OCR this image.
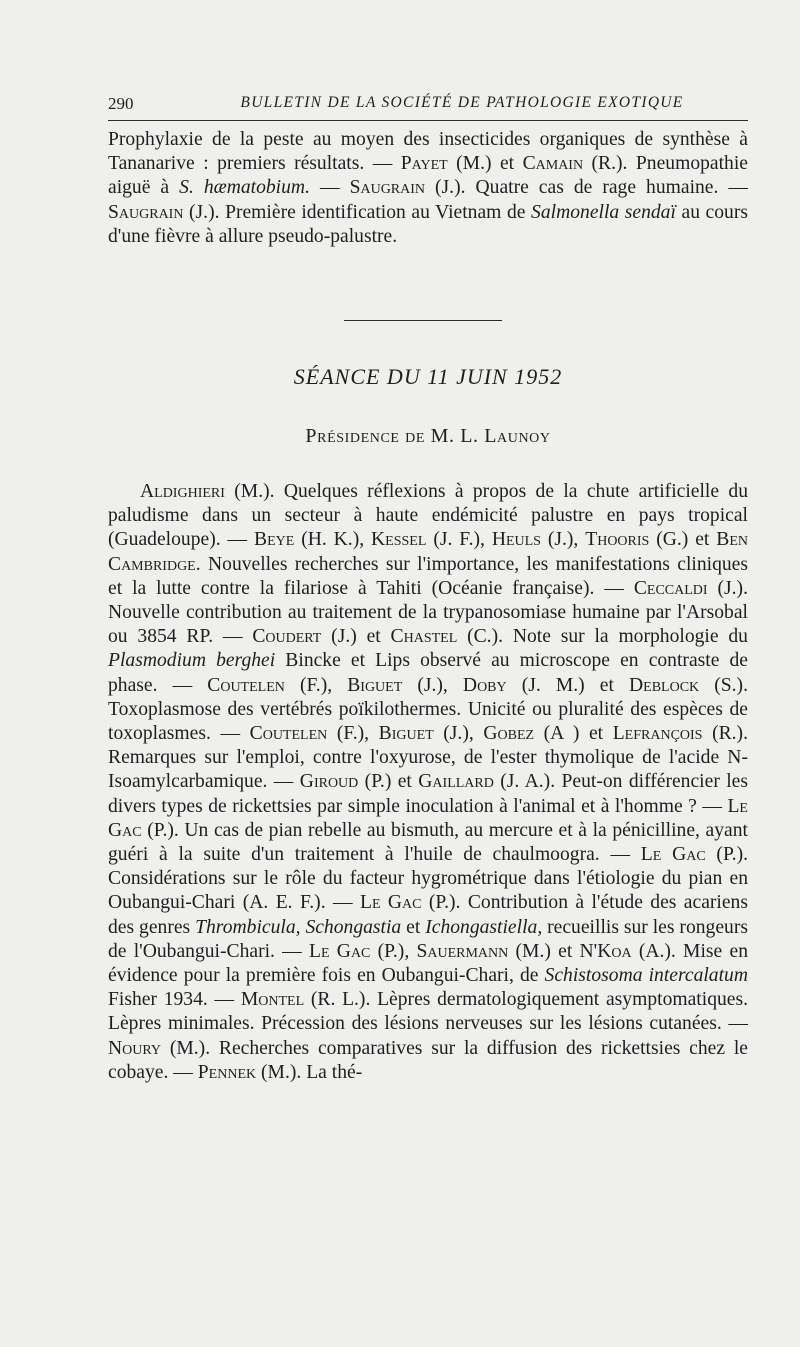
290	BULLETIN DE LA SOCIÉTÉ DE PATHOLOGIE EXOTIQUE

Prophylaxie de la peste au moyen des insecticides organiques de synthèse à Tananarive : premiers résultats. — Payet (M.) et Camain (R.). Pneumopathie aiguë à S. hæmatobium. — Saugrain (J.). Quatre cas de rage humaine. — Saugrain (J.). Première identification au Vietnam de Salmonella sendaï au cours d'une fièvre à allure pseudo-palustre.

SÉANCE DU 11 JUIN 1952
Présidence de M. L. Launoy

Aldighieri (M.). Quelques réflexions à propos de la chute artificielle du paludisme dans un secteur à haute endémicité palustre en pays tropical (Guadeloupe). — Beye (H. K.), Kessel (J. F.), Heuls (J.), Thooris (G.) et Ben Cambridge. Nouvelles recherches sur l'importance, les manifestations cliniques et la lutte contre la filariose à Tahiti (Océanie française). — Ceccaldi (J.). Nouvelle contribution au traitement de la trypanosomiase humaine par l'Arsobal ou 3854 RP. — Coudert (J.) et Chastel (C.). Note sur la morphologie du Plasmodium berghei Bincke et Lips observé au microscope en contraste de phase. — Coutelen (F.), Biguet (J.), Doby (J. M.) et Deblock (S.). Toxoplasmose des vertébrés poïkilothermes. Unicité ou pluralité des espèces de toxoplasmes. — Coutelen (F.), Biguet (J.), Gobez (A ) et Lefrançois (R.). Remarques sur l'emploi, contre l'oxyurose, de l'ester thymolique de l'acide N-Isoamylcarbamique. — Giroud (P.) et Gaillard (J. A.). Peut-on différencier les divers types de rickettsies par simple inoculation à l'animal et à l'homme ? — Le Gac (P.). Un cas de pian rebelle au bismuth, au mercure et à la pénicilline, ayant guéri à la suite d'un traitement à l'huile de chaulmoogra. — Le Gac (P.). Considérations sur le rôle du facteur hygrométrique dans l'étiologie du pian en Oubangui-Chari (A. E. F.). — Le Gac (P.). Contribution à l'étude des acariens des genres Thrombicula, Schongastia et Ichongastiella, recueillis sur les rongeurs de l'Oubangui-Chari. — Le Gac (P.), Sauermann (M.) et N'Koa (A.). Mise en évidence pour la première fois en Oubangui-Chari, de Schistosoma intercalatum Fisher 1934. — Montel (R. L.). Lèpres dermatologiquement asymptomatiques. Lèpres minimales. Précession des lésions nerveuses sur les lésions cutanées. — Noury (M.). Recherches comparatives sur la diffusion des rickettsies chez le cobaye. — Pennek (M.). La thé-
